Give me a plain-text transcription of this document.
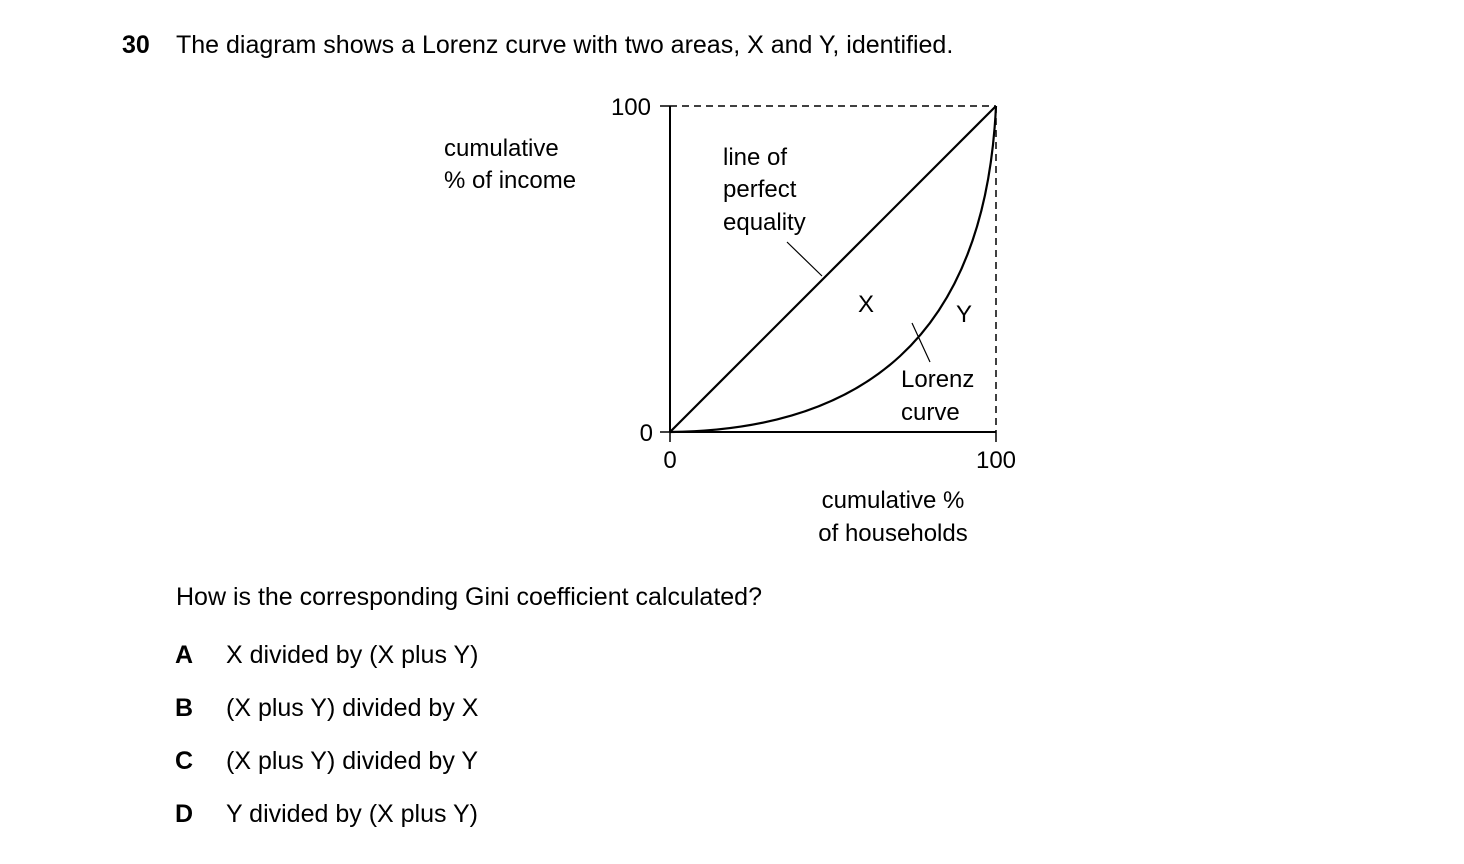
30 The diagram shows a Lorenz curve with two areas, X and Y, identified.
cumulative
% of income
100
0
0	100
line of
perfect
equality
X	Y
Lorenz
curve
cumulative %
of households
How is the corresponding Gini coefficient calculated?
A X divided by (X plus Y)
B (X plus Y) divided by X
C (X plus Y) divided by Y
D Y divided by (X plus Y)
